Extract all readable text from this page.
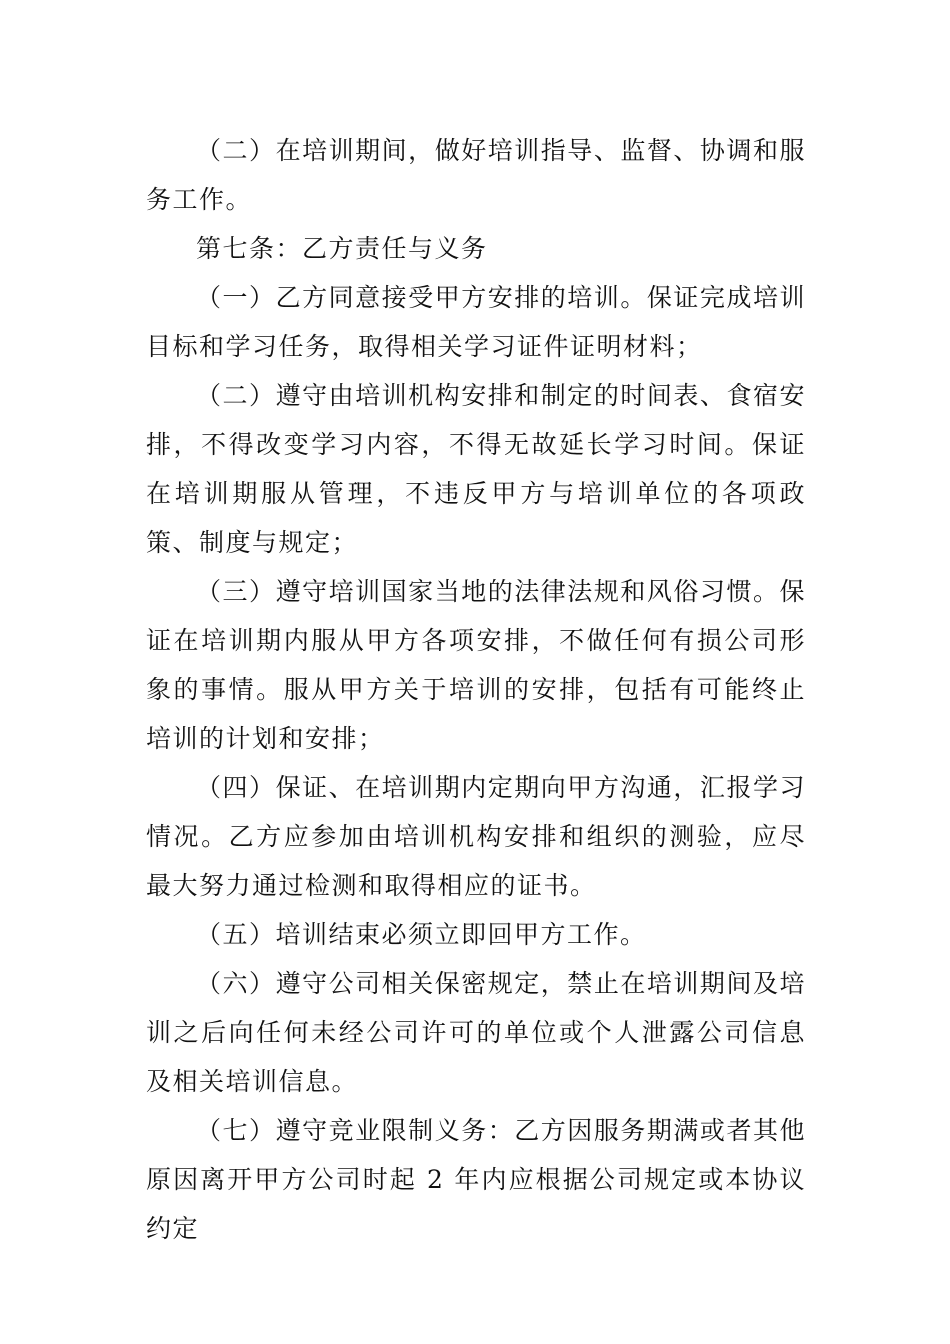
（二）在培训期间，做好培训指导、监督、协调和服务工作。

第七条：乙方责任与义务

（一）乙方同意接受甲方安排的培训。保证完成培训目标和学习任务，取得相关学习证件证明材料；

（二）遵守由培训机构安排和制定的时间表、食宿安排，不得改变学习内容，不得无故延长学习时间。保证在培训期服从管理，不违反甲方与培训单位的各项政策、制度与规定；

（三）遵守培训国家当地的法律法规和风俗习惯。保证在培训期内服从甲方各项安排，不做任何有损公司形象的事情。服从甲方关于培训的安排，包括有可能终止培训的计划和安排；

（四）保证、在培训期内定期向甲方沟通，汇报学习情况。乙方应参加由培训机构安排和组织的测验，应尽最大努力通过检测和取得相应的证书。

（五）培训结束必须立即回甲方工作。

（六）遵守公司相关保密规定，禁止在培训期间及培训之后向任何未经公司许可的单位或个人泄露公司信息及相关培训信息。

（七）遵守竞业限制义务：乙方因服务期满或者其他原因离开甲方公司时起 2 年内应根据公司规定或本协议约定
